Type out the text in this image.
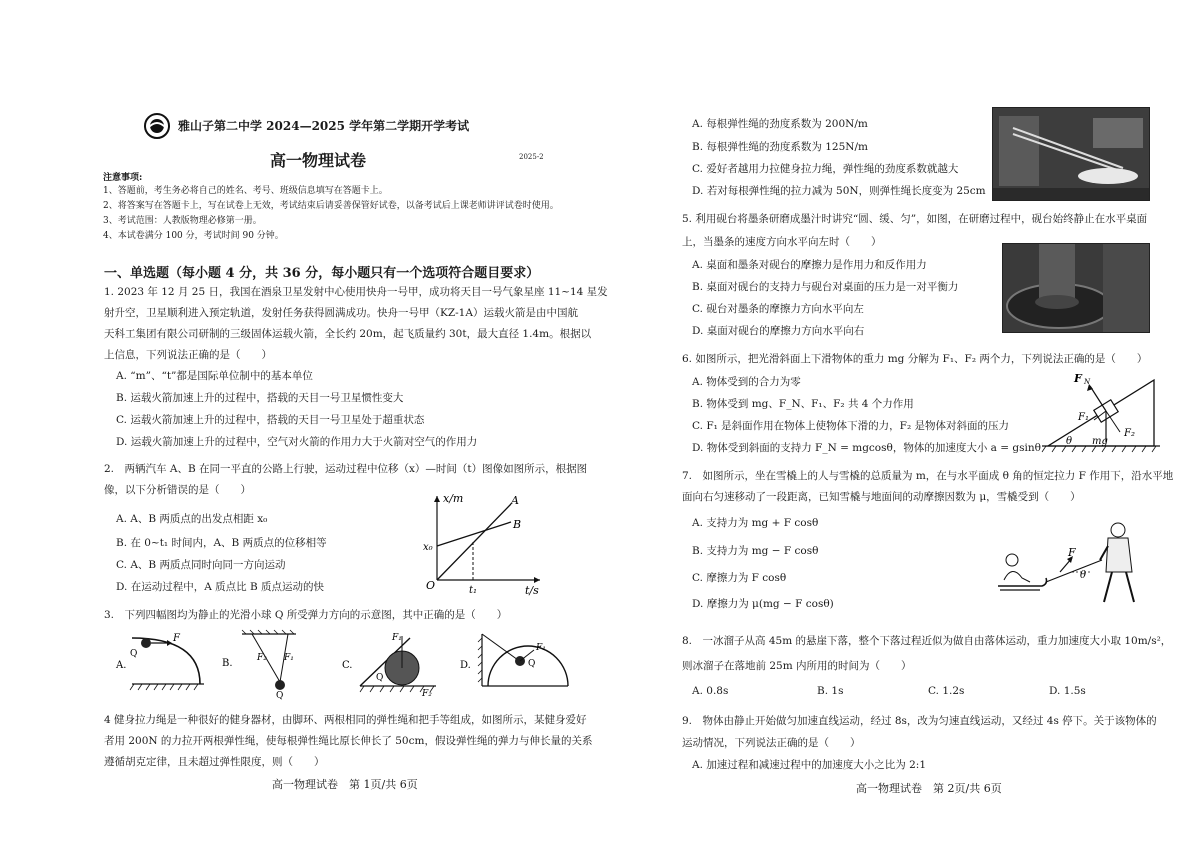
雅山子第二中学 2024—2025 学年第二学期开学考试
高一物理试卷	2025-2
注意事项:
1、答题前，考生务必将自己的姓名、考号、班级信息填写在答题卡上。
2、将答案写在答题卡上，写在试卷上无效，考试结束后请妥善保管好试卷，以备考试后上课老师讲评试卷时使用。
3、考试范围：人教版物理必修第一册。
4、本试卷满分 100 分，考试时间 90 分钟。
一、单选题（每小题 4 分，共 36 分，每小题只有一个选项符合题目要求）
1. 2023 年 12 月 25 日，我国在酒泉卫星发射中心使用快舟一号甲，成功将天目一号气象星座 11~14 星发
射升空，卫星顺利进入预定轨道，发射任务获得圆满成功。快舟一号甲（KZ-1A）运载火箭是由中国航
天科工集团有限公司研制的三级固体运载火箭，全长约 20m，起飞质量约 30t，最大直径 1.4m。根据以
上信息，下列说法正确的是（　　）
A. “m”、“t”都是国际单位制中的基本单位
B. 运载火箭加速上升的过程中，搭载的天目一号卫星惯性变大
C. 运载火箭加速上升的过程中，搭载的天目一号卫星处于超重状态
D. 运载火箭加速上升的过程中，空气对火箭的作用力大于火箭对空气的作用力
2.　两辆汽车 A、B 在同一平直的公路上行驶，运动过程中位移（x）—时间（t）图像如图所示，根据图
像，以下分析错误的是（　　）
A. A、B 两质点的出发点相距 x₀
B. 在 0~t₁ 时间内，A、B 两质点的位移相等
C. A、B 两质点同时向同一方向运动
D. 在运动过程中，A 质点比 B 质点运动的快
x/m
t/s
O
x₀
t₁
A
B
3.　下列四幅图均为静止的光滑小球 Q 所受弹力方向的示意图，其中正确的是（　　）
A.
F
Q
B.
Q
F₂ F₁
C.
F₁
F₂
Q
D.
F₁
Q
4 健身拉力绳是一种很好的健身器材，由脚环、两根相同的弹性绳和把手等组成，如图所示，某健身爱好
者用 200N 的力拉开两根弹性绳，使每根弹性绳比原长伸长了 50cm，假设弹性绳的弹力与伸长量的关系
遵循胡克定律，且未超过弹性限度，则（　　）
高一物理试卷　第 1页/共 6页
A. 每根弹性绳的劲度系数为 200N/m
B. 每根弹性绳的劲度系数为 125N/m
C. 爱好者越用力拉健身拉力绳，弹性绳的劲度系数就越大
D. 若对每根弹性绳的拉力减为 50N，则弹性绳长度变为 25cm
5. 利用砚台将墨条研磨成墨汁时讲究“圆、缓、匀”，如图，在研磨过程中，砚台始终静止在水平桌面
上，当墨条的速度方向水平向左时（　　）
A. 桌面和墨条对砚台的摩擦力是作用力和反作用力
B. 桌面对砚台的支持力与砚台对桌面的压力是一对平衡力
C. 砚台对墨条的摩擦力方向水平向左
D. 桌面对砚台的摩擦力方向水平向右
6. 如图所示，把光滑斜面上下滑物体的重力 mg 分解为 F₁、F₂ 两个力，下列说法正确的是（　　）
A. 物体受到的合力为零
B. 物体受到 mg、F_N、F₁、F₂ 共 4 个力作用
C. F₁ 是斜面作用在物体上使物体下滑的力，F₂ 是物体对斜面的压力
D. 物体受到斜面的支持力 F_N = mgcosθ，物体的加速度大小 a = gsinθ
F N
F₁
F₂
mg
θ
7.　如图所示，坐在雪橇上的人与雪橇的总质量为 m，在与水平面成 θ 角的恒定拉力 F 作用下，沿水平地
面向右匀速移动了一段距离，已知雪橇与地面间的动摩擦因数为 μ，雪橇受到（　　）
A. 支持力为 mg + F cosθ
B. 支持力为 mg − F cosθ
C. 摩擦力为 F cosθ
D. 摩擦力为 μ(mg − F cosθ)
F
θ
8.　一冰溜子从高 45m 的悬崖下落，整个下落过程近似为做自由落体运动，重力加速度大小取 10m/s²，
则冰溜子在落地前 25m 内所用的时间为（　　）
A. 0.8s	B. 1s	C. 1.2s	D. 1.5s
9.　物体由静止开始做匀加速直线运动，经过 8s，改为匀速直线运动，又经过 4s 停下。关于该物体的
运动情况，下列说法正确的是（　　）
A. 加速过程和减速过程中的加速度大小之比为 2:1
高一物理试卷　第 2页/共 6页
